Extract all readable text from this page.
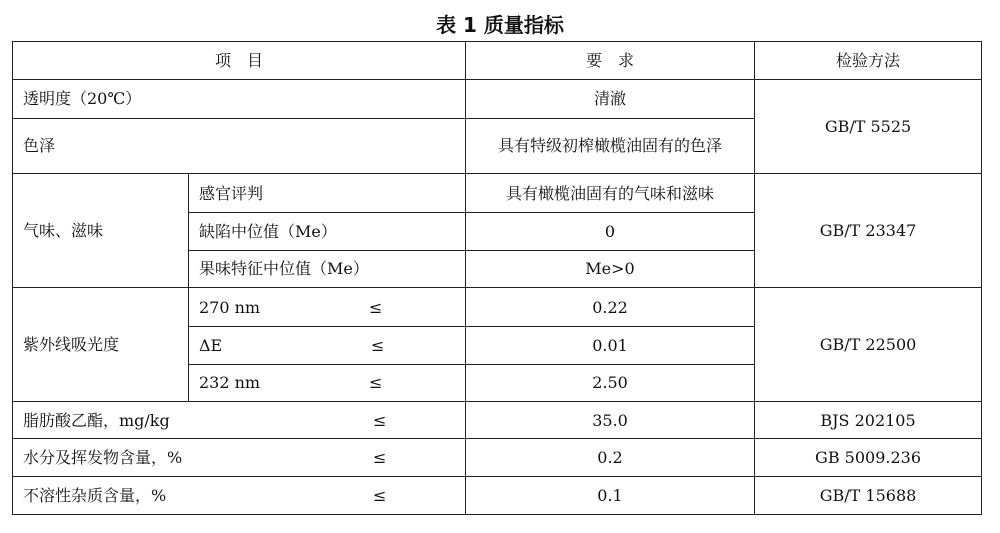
表 1 质量指标
项　目		要　求	检验方法
透明度（20℃）		清澈	GB/T 5525
色泽		具有特级初榨橄榄油固有的色泽	
气味、滋味	感官评判	具有橄榄油固有的气味和滋味	GB/T 23347
	缺陷中位值（Me）	0	
	果味特征中位值（Me）	Me>0	
紫外线吸光度	270 nm ≤	0.22	GB/T 22500
	ΔE ≤	0.01	
	232 nm ≤	2.50	
脂肪酸乙酯，mg/kg ≤		35.0	BJS 202105
水分及挥发物含量，% ≤		0.2	GB 5009.236
不溶性杂质含量，% ≤		0.1	GB/T 15688
